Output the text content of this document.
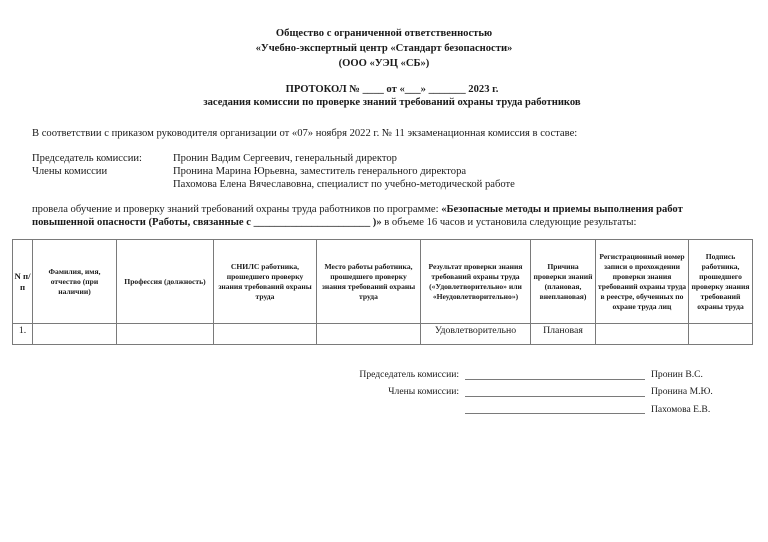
Общество с ограниченной ответственностью
«Учебно-экспертный центр «Стандарт безопасности»
(ООО «УЭЦ «СБ»)
ПРОТОКОЛ № ____ от «___» _______ 2023 г.
заседания комиссии по проверке знаний требований охраны труда работников
В соответствии с приказом руководителя организации от «07» ноября 2022 г. № 11 экзаменационная комиссия в составе:
Председатель комиссии:	Пронин Вадим Сергеевич, генеральный директор
Члены комиссии	Пронина Марина Юрьевна, заместитель генерального директора
Пахомова Елена Вячеславовна, специалист по учебно-методической работе
провела обучение и проверку знаний требований охраны труда работников по программе: «Безопасные методы и приемы выполнения работ
повышенной опасности (Работы, связанные с ______________________ )» в объеме 16 часов и установила следующие результаты:
N п/п	Фамилия, имя, отчество (при наличии)	Профессия (должность)	СНИЛС работника, прошедшего проверку знания требований охраны труда	Место работы работника, прошедшего проверку знания требований охраны труда	Результат проверки знания требований охраны труда («Удовлетворительно» или «Неудовлетворительно»)	Причина проверки знаний (плановая, внеплановая)	Регистрационный номер записи о прохождении проверки знания требований охраны труда в реестре, обученных по охране труда лиц	Подпись работника, прошедшего проверку знания требований охраны труда
1.					Удовлетворительно	Плановая		
Председатель комиссии:	Пронин В.С.
Члены комиссии:	Пронина М.Ю.
Пахомова Е.В.
